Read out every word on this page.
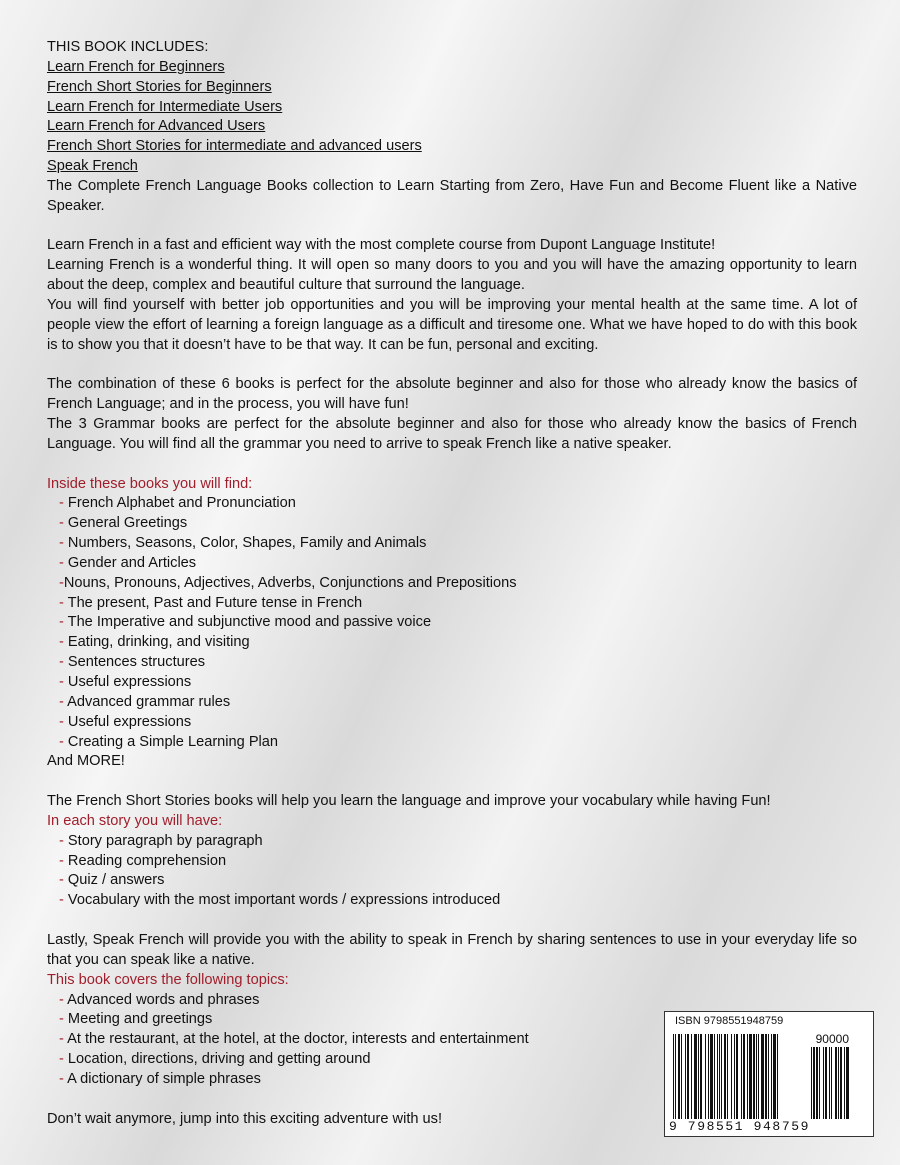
THIS BOOK INCLUDES:
Learn French for Beginners
French Short Stories for Beginners
Learn French for Intermediate Users
Learn French for Advanced Users
French Short Stories for intermediate and advanced users
Speak French
The Complete French Language Books collection to Learn Starting from Zero, Have Fun and Become Fluent like a Native Speaker.
Learn French in a fast and efficient way with the most complete course from Dupont Language Institute!
Learning French is a wonderful thing. It will open so many doors to you and you will have the amazing opportunity to learn about the deep, complex and beautiful culture that surround the language.
You will find yourself with better job opportunities and you will be improving your mental health at the same time. A lot of people view the effort of learning a foreign language as a difficult and tiresome one. What we have hoped to do with this book is to show you that it doesn’t have to be that way. It can be fun, personal and exciting.
The combination of these 6 books is perfect for the absolute beginner and also for those who already know the basics of French Language; and in the process, you will have fun!
The 3 Grammar books are perfect for the absolute beginner and also for those who already know the basics of French Language. You will find all the grammar you need to arrive to speak French like a native speaker.
Inside these books you will find:
- French Alphabet and Pronunciation
- General Greetings
- Numbers, Seasons, Color, Shapes, Family and Animals
- Gender and Articles
-Nouns, Pronouns, Adjectives, Adverbs, Conjunctions and Prepositions
- The present, Past and Future tense in French
- The Imperative and subjunctive mood and passive voice
- Eating, drinking, and visiting
- Sentences structures
- Useful expressions
- Advanced grammar rules
- Useful expressions
- Creating a Simple Learning Plan
And MORE!
The French Short Stories books will help you learn the language and improve your vocabulary while having Fun!
In each story you will have:
- Story paragraph by paragraph
- Reading comprehension
- Quiz / answers
- Vocabulary with the most important words / expressions introduced
Lastly, Speak French will provide you with the ability to speak in French by sharing sentences to use in your everyday life so that you can speak like a native.
This book covers the following topics:
- Advanced words and phrases
- Meeting and greetings
- At the restaurant, at the hotel, at the doctor, interests and entertainment
- Location, directions, driving and getting around
- A dictionary of simple phrases
Don’t wait anymore, jump into this exciting adventure with us!
ISBN 9798551948759
90000
9 798551 948759
